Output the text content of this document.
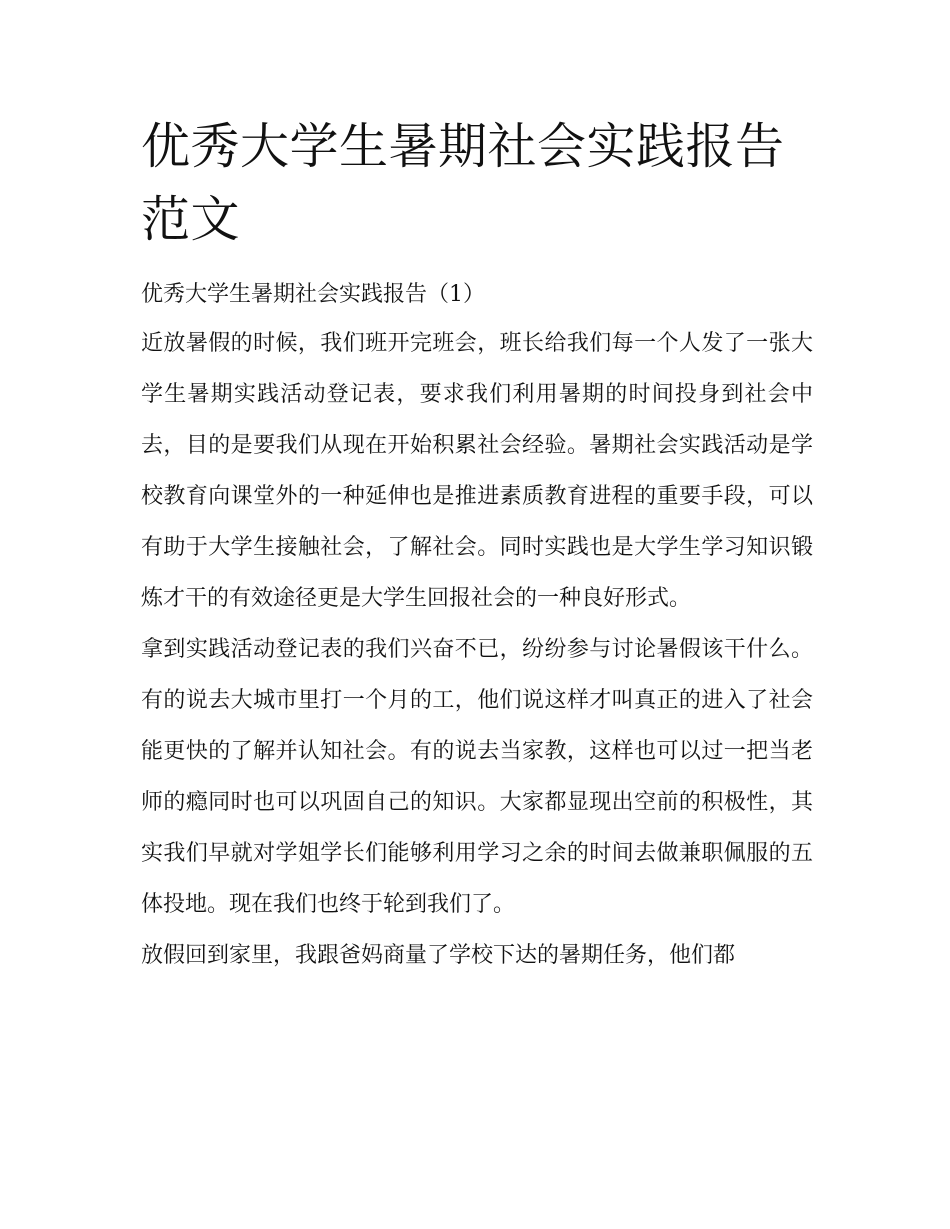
优秀大学生暑期社会实践报告范文
优秀大学生暑期社会实践报告（1）

近放暑假的时候，我们班开完班会，班长给我们每一个人发了一张大学生暑期实践活动登记表，要求我们利用暑期的时间投身到社会中去，目的是要我们从现在开始积累社会经验。暑期社会实践活动是学校教育向课堂外的一种延伸也是推进素质教育进程的重要手段，可以有助于大学生接触社会，了解社会。同时实践也是大学生学习知识锻炼才干的有效途径更是大学生回报社会的一种良好形式。

拿到实践活动登记表的我们兴奋不已，纷纷参与讨论暑假该干什么。有的说去大城市里打一个月的工，他们说这样才叫真正的进入了社会能更快的了解并认知社会。有的说去当家教，这样也可以过一把当老师的瘾同时也可以巩固自己的知识。大家都显现出空前的积极性，其实我们早就对学姐学长们能够利用学习之余的时间去做兼职佩服的五体投地。现在我们也终于轮到我们了。

放假回到家里，我跟爸妈商量了学校下达的暑期任务，他们都
